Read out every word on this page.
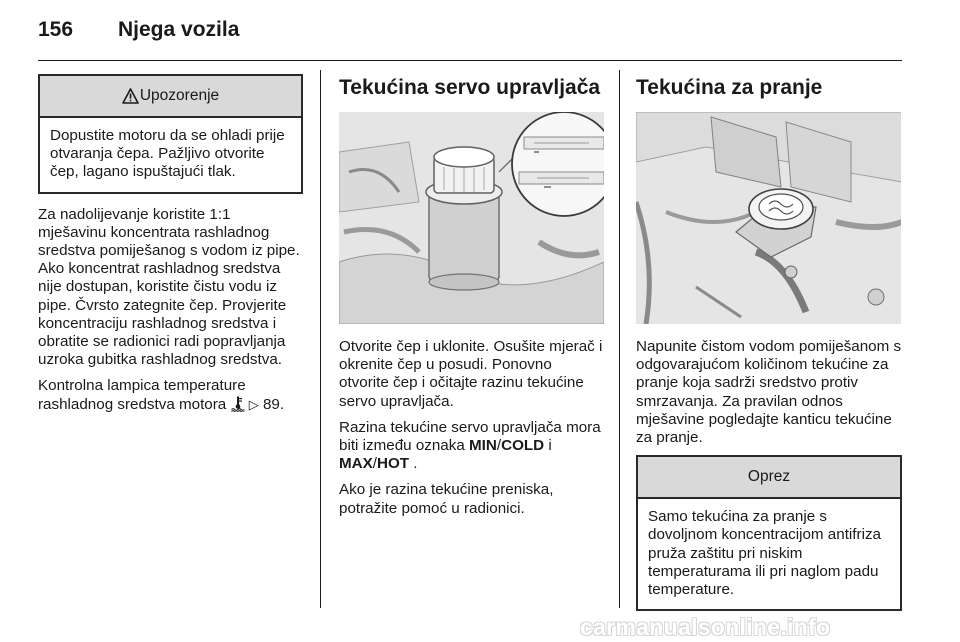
156 Njega vozila
Upozorenje
Dopustite motoru da se ohladi prije otvaranja čepa. Pažljivo otvorite čep, lagano ispuštajući tlak.

Za nadolijevanje koristite 1:1 mješavinu koncentrata rashladnog sredstva pomiješanog s vodom iz pipe. Ako koncentrat rashladnog sredstva nije dostupan, koristite čistu vodu iz pipe. Čvrsto zategnite čep. Provjerite koncentraciju rashladnog sredstva i obratite se radionici radi popravljanja uzroka gubitka rashladnog sredstva.

Kontrolna lampica temperature rashladnog sredstva motora ▷ 89.

Tekućina servo upravljača

Otvorite čep i uklonite. Osušite mjerač i okrenite čep u posudi. Ponovno otvorite čep i očitajte razinu tekućine servo upravljača.

Razina tekućine servo upravljača mora biti između oznaka MIN/COLD i MAX/HOT .

Ako je razina tekućine preniska, potražite pomoć u radionici.

Tekućina za pranje

Napunite čistom vodom pomiješanom s odgovarajućom količinom tekućine za pranje koja sadrži sredstvo protiv smrzavanja. Za pravilan odnos mješavine pogledajte kanticu tekućine za pranje.

Oprez
Samo tekućina za pranje s dovoljnom koncentracijom antifriza pruža zaštitu pri niskim temperaturama ili pri naglom padu temperature.
carmanualsonline.info
